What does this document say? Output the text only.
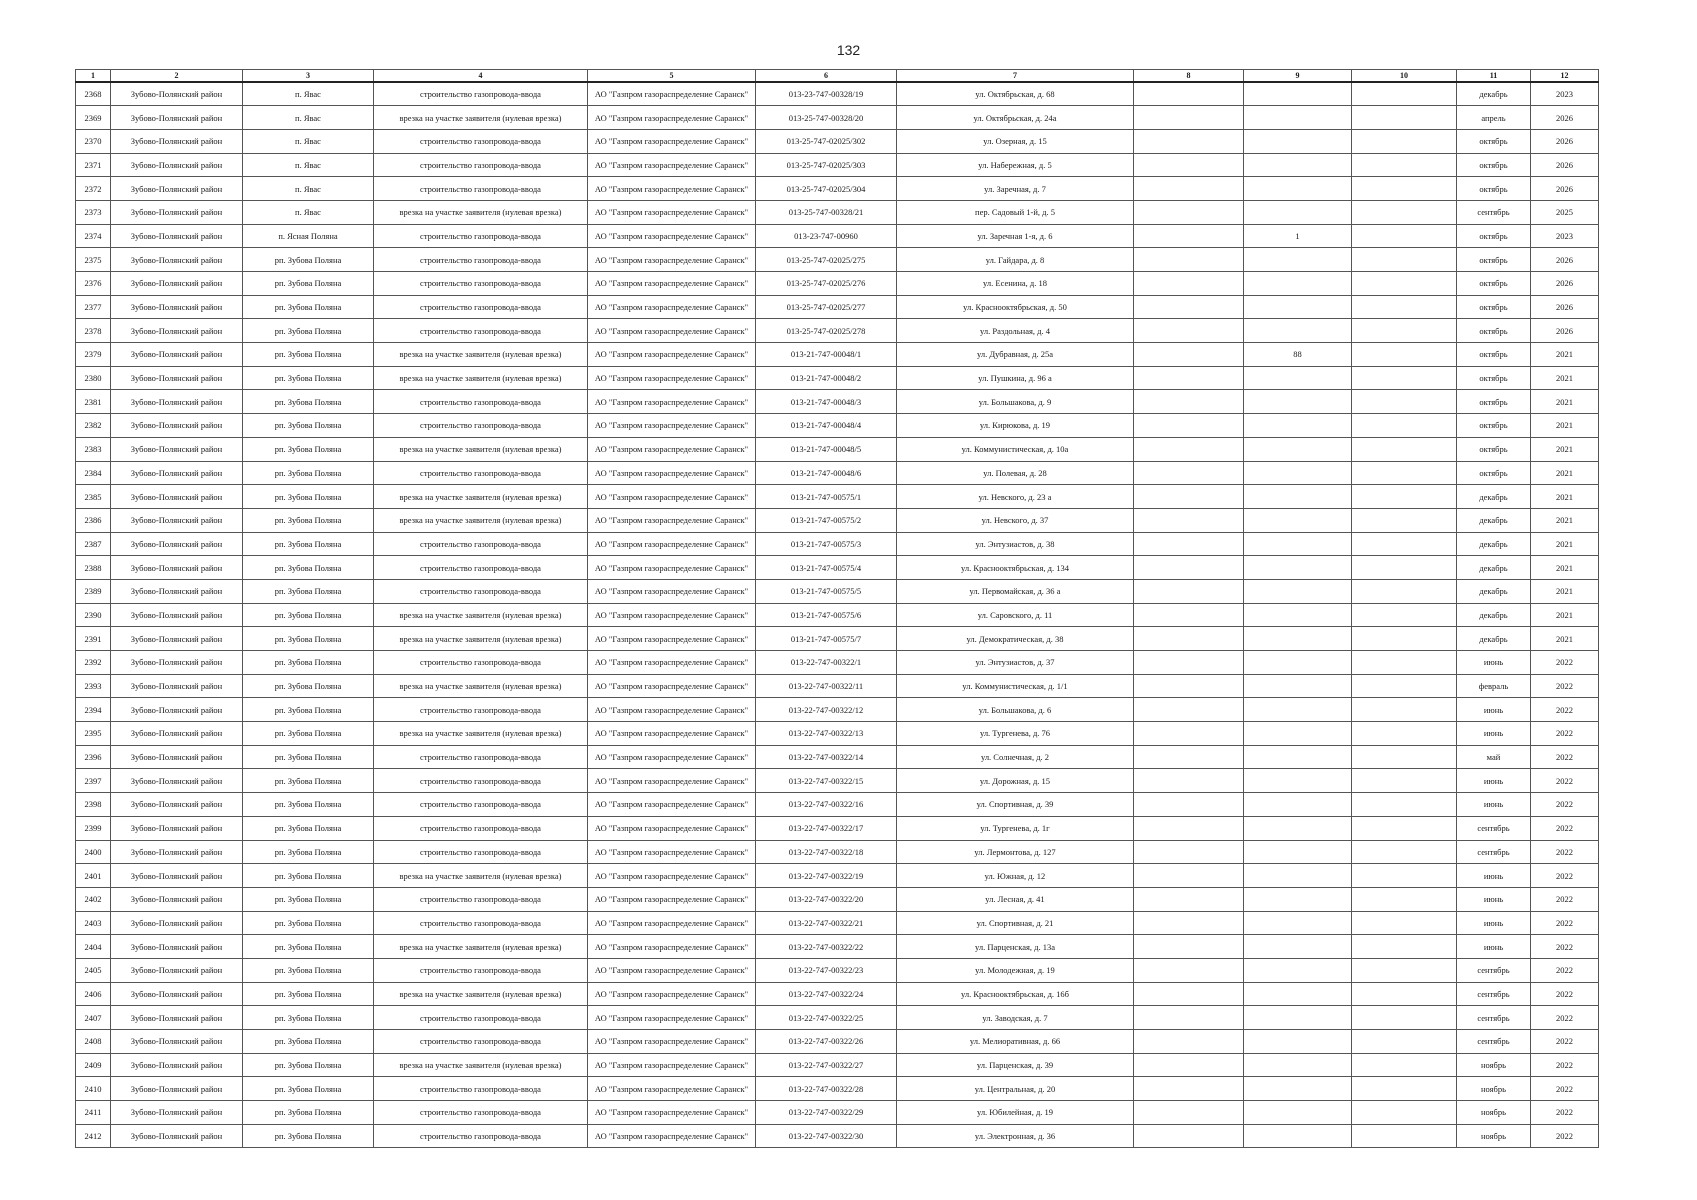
132
1	2	3	4	5	6	7	8	9	10	11	12
2368	Зубово-Полянский район	п. Явас	строительство газопровода-ввода	АО "Газпром газораспределение Саранск"	013-23-747-00328/19	ул. Октябрьская, д. 68				декабрь	2023
2369	Зубово-Полянский район	п. Явас	врезка на участке заявителя (нулевая врезка)	АО "Газпром газораспределение Саранск"	013-25-747-00328/20	ул. Октябрьская, д. 24а				апрель	2026
2370	Зубово-Полянский район	п. Явас	строительство газопровода-ввода	АО "Газпром газораспределение Саранск"	013-25-747-02025/302	ул. Озерная, д. 15				октябрь	2026
2371	Зубово-Полянский район	п. Явас	строительство газопровода-ввода	АО "Газпром газораспределение Саранск"	013-25-747-02025/303	ул. Набережная, д. 5				октябрь	2026
2372	Зубово-Полянский район	п. Явас	строительство газопровода-ввода	АО "Газпром газораспределение Саранск"	013-25-747-02025/304	ул. Заречная, д. 7				октябрь	2026
2373	Зубово-Полянский район	п. Явас	врезка на участке заявителя (нулевая врезка)	АО "Газпром газораспределение Саранск"	013-25-747-00328/21	пер. Садовый 1-й, д. 5				сентябрь	2025
2374	Зубово-Полянский район	п. Ясная Поляна	строительство газопровода-ввода	АО "Газпром газораспределение Саранск"	013-23-747-00960	ул. Заречная 1-я, д. 6		1		октябрь	2023
2375	Зубово-Полянский район	рп. Зубова Поляна	строительство газопровода-ввода	АО "Газпром газораспределение Саранск"	013-25-747-02025/275	ул. Гайдара, д. 8				октябрь	2026
2376	Зубово-Полянский район	рп. Зубова Поляна	строительство газопровода-ввода	АО "Газпром газораспределение Саранск"	013-25-747-02025/276	ул. Есенина, д. 18				октябрь	2026
2377	Зубово-Полянский район	рп. Зубова Поляна	строительство газопровода-ввода	АО "Газпром газораспределение Саранск"	013-25-747-02025/277	ул. Краснооктябрьская, д. 50				октябрь	2026
2378	Зубово-Полянский район	рп. Зубова Поляна	строительство газопровода-ввода	АО "Газпром газораспределение Саранск"	013-25-747-02025/278	ул. Раздольная, д. 4				октябрь	2026
2379	Зубово-Полянский район	рп. Зубова Поляна	врезка на участке заявителя (нулевая врезка)	АО "Газпром газораспределение Саранск"	013-21-747-00048/1	ул. Дубравная, д. 25а		88		октябрь	2021
2380	Зубово-Полянский район	рп. Зубова Поляна	врезка на участке заявителя (нулевая врезка)	АО "Газпром газораспределение Саранск"	013-21-747-00048/2	ул. Пушкина, д. 96 а				октябрь	2021
2381	Зубово-Полянский район	рп. Зубова Поляна	строительство газопровода-ввода	АО "Газпром газораспределение Саранск"	013-21-747-00048/3	ул. Большакова, д. 9				октябрь	2021
2382	Зубово-Полянский район	рп. Зубова Поляна	строительство газопровода-ввода	АО "Газпром газораспределение Саранск"	013-21-747-00048/4	ул. Кирюкова, д. 19				октябрь	2021
2383	Зубово-Полянский район	рп. Зубова Поляна	врезка на участке заявителя (нулевая врезка)	АО "Газпром газораспределение Саранск"	013-21-747-00048/5	ул. Коммунистическая, д. 10а				октябрь	2021
2384	Зубово-Полянский район	рп. Зубова Поляна	строительство газопровода-ввода	АО "Газпром газораспределение Саранск"	013-21-747-00048/6	ул. Полевая, д. 28				октябрь	2021
2385	Зубово-Полянский район	рп. Зубова Поляна	врезка на участке заявителя (нулевая врезка)	АО "Газпром газораспределение Саранск"	013-21-747-00575/1	ул. Невского, д. 23 а				декабрь	2021
2386	Зубово-Полянский район	рп. Зубова Поляна	врезка на участке заявителя (нулевая врезка)	АО "Газпром газораспределение Саранск"	013-21-747-00575/2	ул. Невского, д. 37				декабрь	2021
2387	Зубово-Полянский район	рп. Зубова Поляна	строительство газопровода-ввода	АО "Газпром газораспределение Саранск"	013-21-747-00575/3	ул. Энтузиастов, д. 38				декабрь	2021
2388	Зубово-Полянский район	рп. Зубова Поляна	строительство газопровода-ввода	АО "Газпром газораспределение Саранск"	013-21-747-00575/4	ул. Краснооктябрьская, д. 134				декабрь	2021
2389	Зубово-Полянский район	рп. Зубова Поляна	строительство газопровода-ввода	АО "Газпром газораспределение Саранск"	013-21-747-00575/5	ул. Первомайская, д. 36 а				декабрь	2021
2390	Зубово-Полянский район	рп. Зубова Поляна	врезка на участке заявителя (нулевая врезка)	АО "Газпром газораспределение Саранск"	013-21-747-00575/6	ул. Саровского, д. 11				декабрь	2021
2391	Зубово-Полянский район	рп. Зубова Поляна	врезка на участке заявителя (нулевая врезка)	АО "Газпром газораспределение Саранск"	013-21-747-00575/7	ул. Демократическая, д. 38				декабрь	2021
2392	Зубово-Полянский район	рп. Зубова Поляна	строительство газопровода-ввода	АО "Газпром газораспределение Саранск"	013-22-747-00322/1	ул. Энтузиастов, д. 37				июнь	2022
2393	Зубово-Полянский район	рп. Зубова Поляна	врезка на участке заявителя (нулевая врезка)	АО "Газпром газораспределение Саранск"	013-22-747-00322/11	ул. Коммунистическая, д. 1/1				февраль	2022
2394	Зубово-Полянский район	рп. Зубова Поляна	строительство газопровода-ввода	АО "Газпром газораспределение Саранск"	013-22-747-00322/12	ул. Большакова, д. 6				июнь	2022
2395	Зубово-Полянский район	рп. Зубова Поляна	врезка на участке заявителя (нулевая врезка)	АО "Газпром газораспределение Саранск"	013-22-747-00322/13	ул. Тургенева, д. 76				июнь	2022
2396	Зубово-Полянский район	рп. Зубова Поляна	строительство газопровода-ввода	АО "Газпром газораспределение Саранск"	013-22-747-00322/14	ул. Солнечная, д. 2				май	2022
2397	Зубово-Полянский район	рп. Зубова Поляна	строительство газопровода-ввода	АО "Газпром газораспределение Саранск"	013-22-747-00322/15	ул. Дорожная, д. 15				июнь	2022
2398	Зубово-Полянский район	рп. Зубова Поляна	строительство газопровода-ввода	АО "Газпром газораспределение Саранск"	013-22-747-00322/16	ул. Спортивная, д. 39				июнь	2022
2399	Зубово-Полянский район	рп. Зубова Поляна	строительство газопровода-ввода	АО "Газпром газораспределение Саранск"	013-22-747-00322/17	ул. Тургенева, д. 1г				сентябрь	2022
2400	Зубово-Полянский район	рп. Зубова Поляна	строительство газопровода-ввода	АО "Газпром газораспределение Саранск"	013-22-747-00322/18	ул. Лермонтова, д. 127				сентябрь	2022
2401	Зубово-Полянский район	рп. Зубова Поляна	врезка на участке заявителя (нулевая врезка)	АО "Газпром газораспределение Саранск"	013-22-747-00322/19	ул. Южная, д. 12				июнь	2022
2402	Зубово-Полянский район	рп. Зубова Поляна	строительство газопровода-ввода	АО "Газпром газораспределение Саранск"	013-22-747-00322/20	ул. Лесная, д. 41				июнь	2022
2403	Зубово-Полянский район	рп. Зубова Поляна	строительство газопровода-ввода	АО "Газпром газораспределение Саранск"	013-22-747-00322/21	ул. Спортивная, д. 21				июнь	2022
2404	Зубово-Полянский район	рп. Зубова Поляна	врезка на участке заявителя (нулевая врезка)	АО "Газпром газораспределение Саранск"	013-22-747-00322/22	ул. Парценская, д. 13а				июнь	2022
2405	Зубово-Полянский район	рп. Зубова Поляна	строительство газопровода-ввода	АО "Газпром газораспределение Саранск"	013-22-747-00322/23	ул. Молодежная, д. 19				сентябрь	2022
2406	Зубово-Полянский район	рп. Зубова Поляна	врезка на участке заявителя (нулевая врезка)	АО "Газпром газораспределение Саранск"	013-22-747-00322/24	ул. Краснооктябрьская, д. 16б				сентябрь	2022
2407	Зубово-Полянский район	рп. Зубова Поляна	строительство газопровода-ввода	АО "Газпром газораспределение Саранск"	013-22-747-00322/25	ул. Заводская, д. 7				сентябрь	2022
2408	Зубово-Полянский район	рп. Зубова Поляна	строительство газопровода-ввода	АО "Газпром газораспределение Саранск"	013-22-747-00322/26	ул. Мелиоративная, д. 66				сентябрь	2022
2409	Зубово-Полянский район	рп. Зубова Поляна	врезка на участке заявителя (нулевая врезка)	АО "Газпром газораспределение Саранск"	013-22-747-00322/27	ул. Парценская, д. 39				ноябрь	2022
2410	Зубово-Полянский район	рп. Зубова Поляна	строительство газопровода-ввода	АО "Газпром газораспределение Саранск"	013-22-747-00322/28	ул. Центральная, д. 20				ноябрь	2022
2411	Зубово-Полянский район	рп. Зубова Поляна	строительство газопровода-ввода	АО "Газпром газораспределение Саранск"	013-22-747-00322/29	ул. Юбилейная, д. 19				ноябрь	2022
2412	Зубово-Полянский район	рп. Зубова Поляна	строительство газопровода-ввода	АО "Газпром газораспределение Саранск"	013-22-747-00322/30	ул. Электронная, д. 36				ноябрь	2022
